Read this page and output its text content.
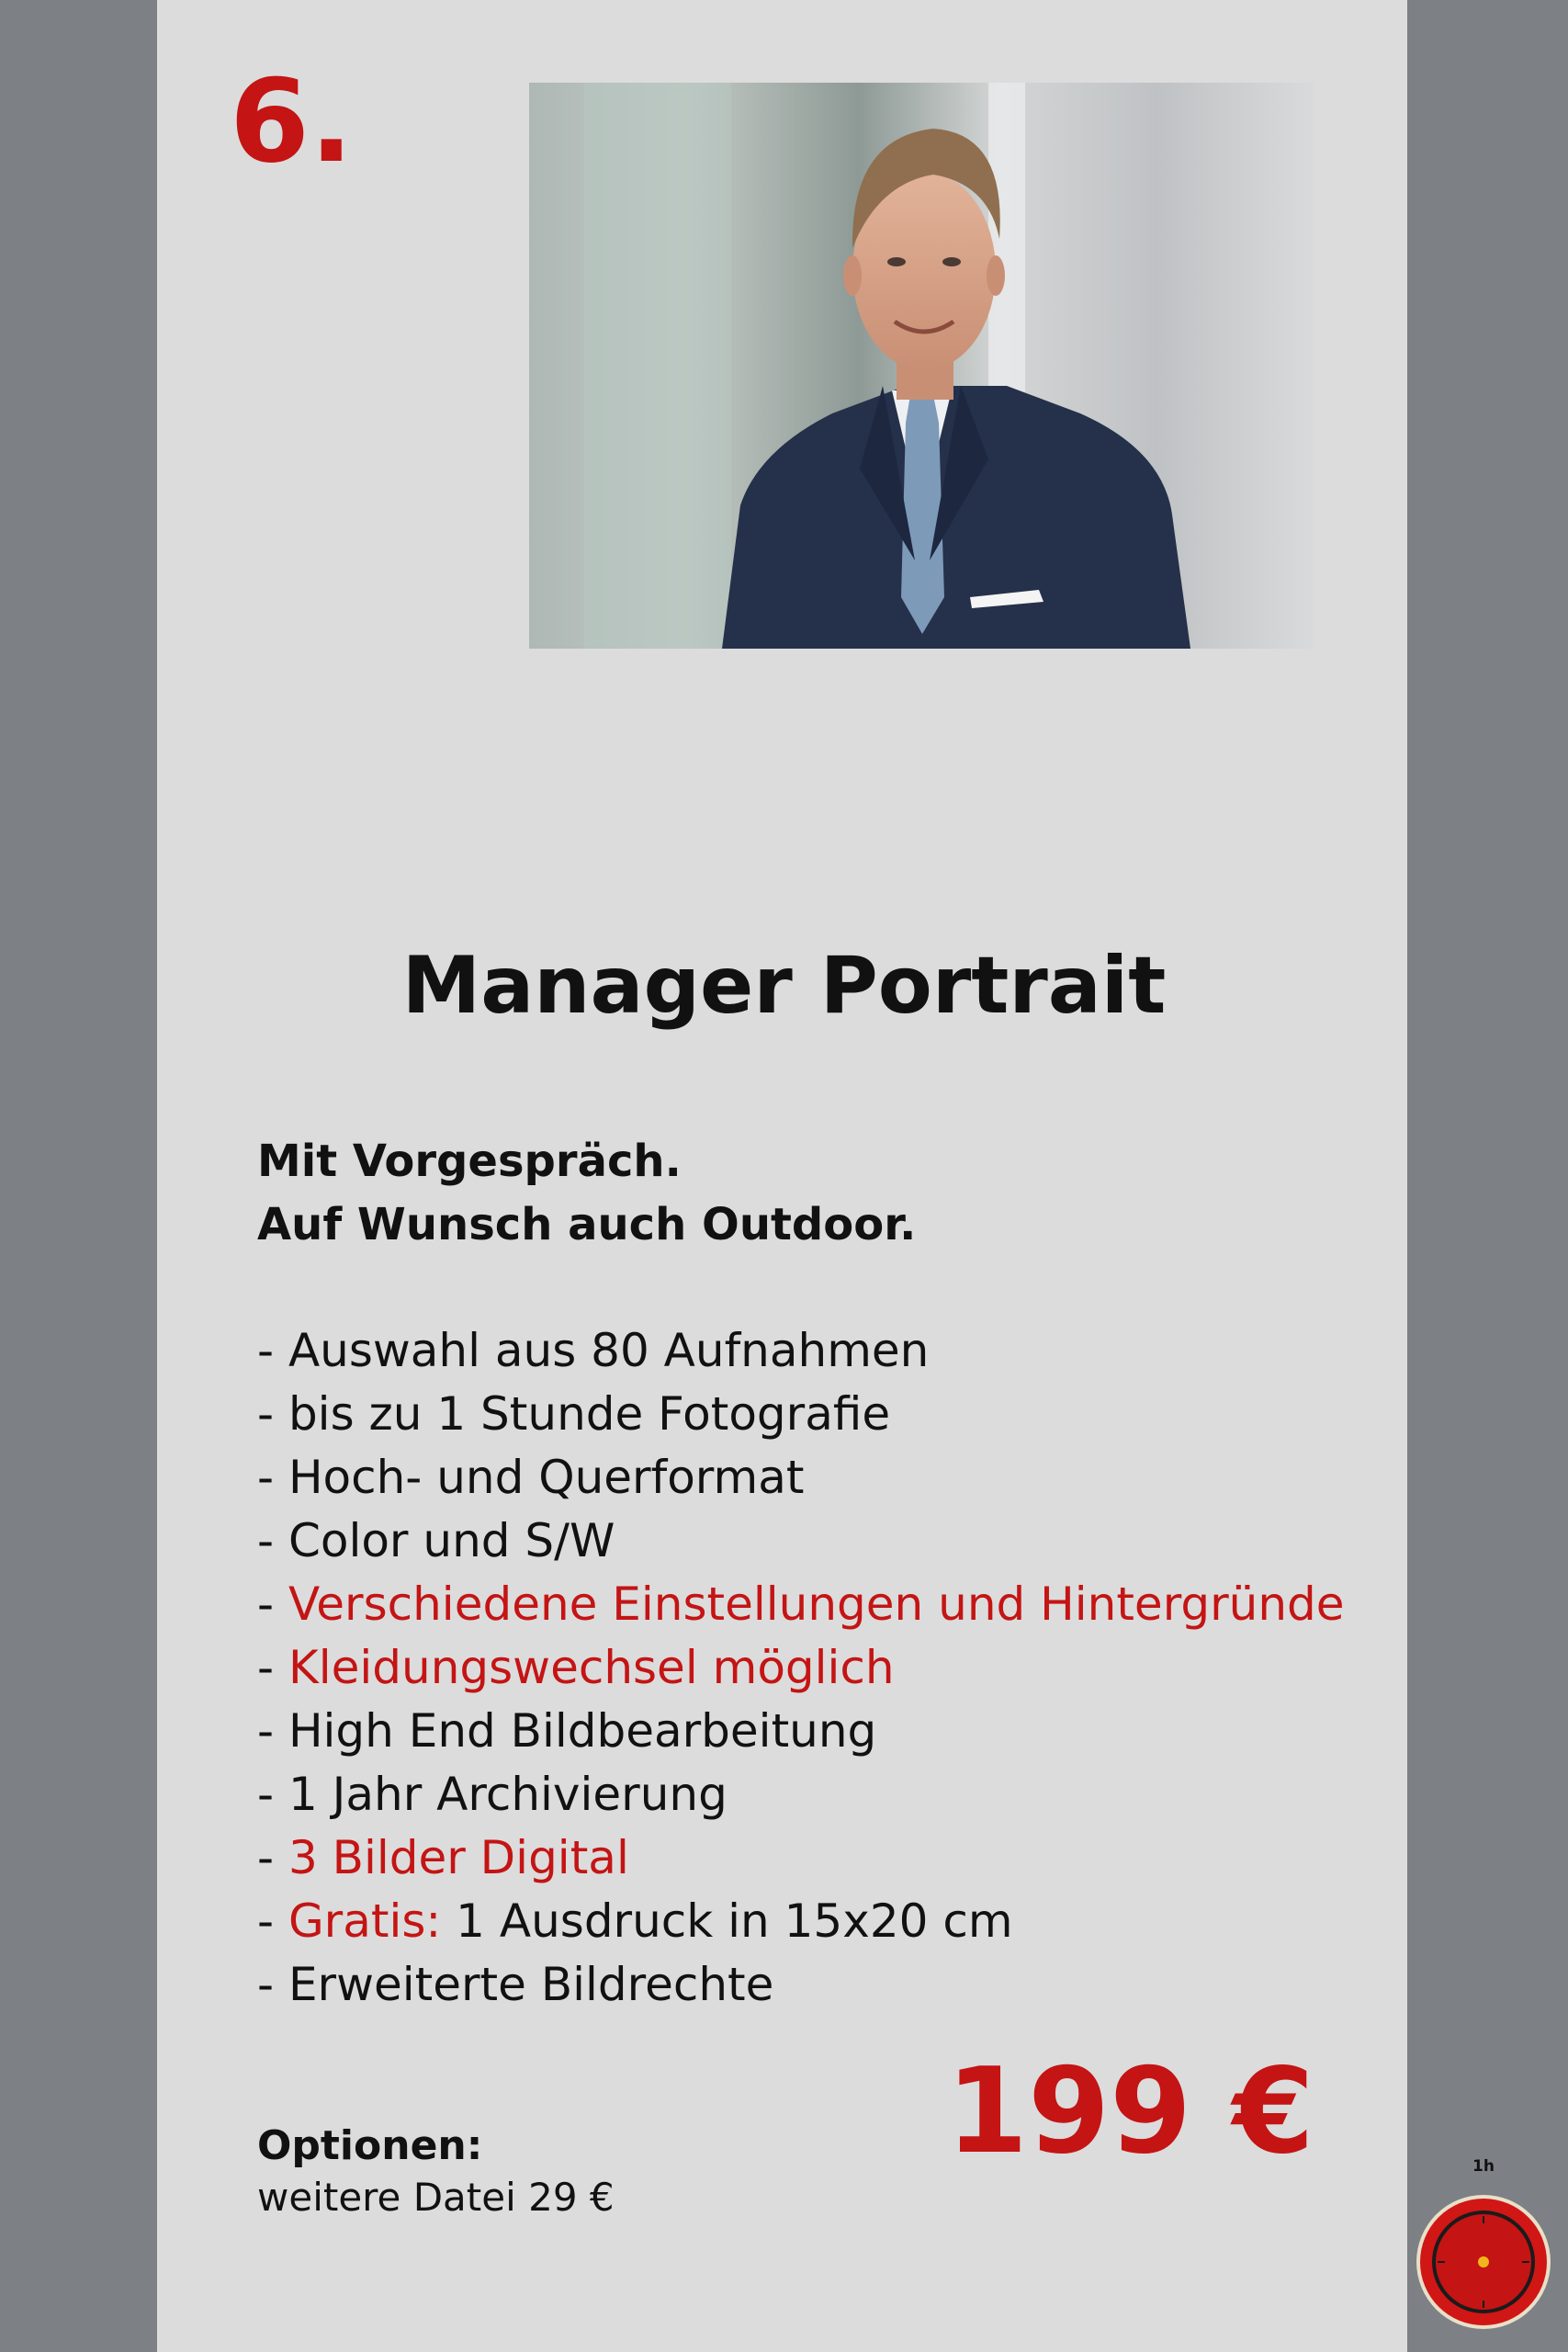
6.
Manager Portrait
Mit Vorgespräch.
Auf Wunsch auch Outdoor.
- Auswahl aus 80 Aufnahmen
- bis zu 1 Stunde Fotografie
- Hoch- und Querformat
- Color und S/W
- Verschiedene Einstellungen und Hintergründe
- Kleidungswechsel möglich
- High End Bildbearbeitung
- 1 Jahr Archivierung
- 3 Bilder Digital
- Gratis: 1 Ausdruck in 15x20 cm
- Erweiterte Bildrechte
199 €
Optionen:
weitere Datei 29 €
1h
